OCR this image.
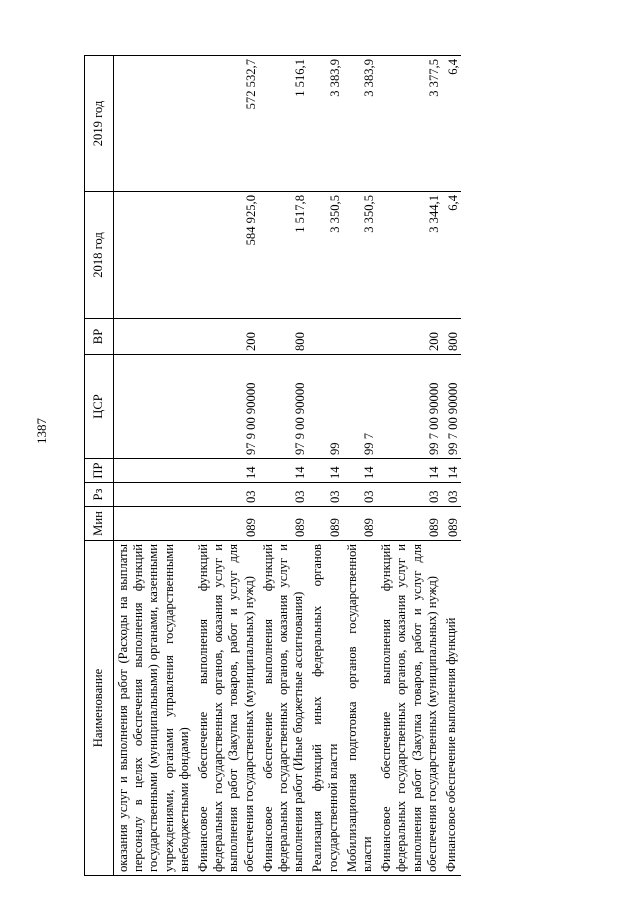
1387
Наименование	Мин	Рз	ПР	ЦСР	ВР	2018 год	2019 год
оказания услуг и выполнения работ (Расходы на выплаты персоналу в целях обеспечения выполнения функций государственными (муниципальными) органами, казенными учреждениями, органами управления государственными внебюджетными фондами)							
Финансовое обеспечение выполнения функций федеральных государственных органов, оказания услуг и выполнения работ (Закупка товаров, работ и услуг для обеспечения государственных (муниципальных) нужд)	089	03	14	97 9 00 90000	200	584 925,0	572 532,7
Финансовое обеспечение выполнения функций федеральных государственных органов, оказания услуг и выполнения работ (Иные бюджетные ассигнования)	089	03	14	97 9 00 90000	800	1 517,8	1 516,1
Реализация функций иных федеральных органов государственной власти	089	03	14	99		3 350,5	3 383,9
Мобилизационная подготовка органов государственной власти	089	03	14	99 7		3 350,5	3 383,9
Финансовое обеспечение выполнения функций федеральных государственных органов, оказания услуг и выполнения работ (Закупка товаров, работ и услуг для обеспечения государственных (муниципальных) нужд)	089	03	14	99 7 00 90000	200	3 344,1	3 377,5
Финансовое обеспечение выполнения функций	089	03	14	99 7 00 90000	800	6,4	6,4
